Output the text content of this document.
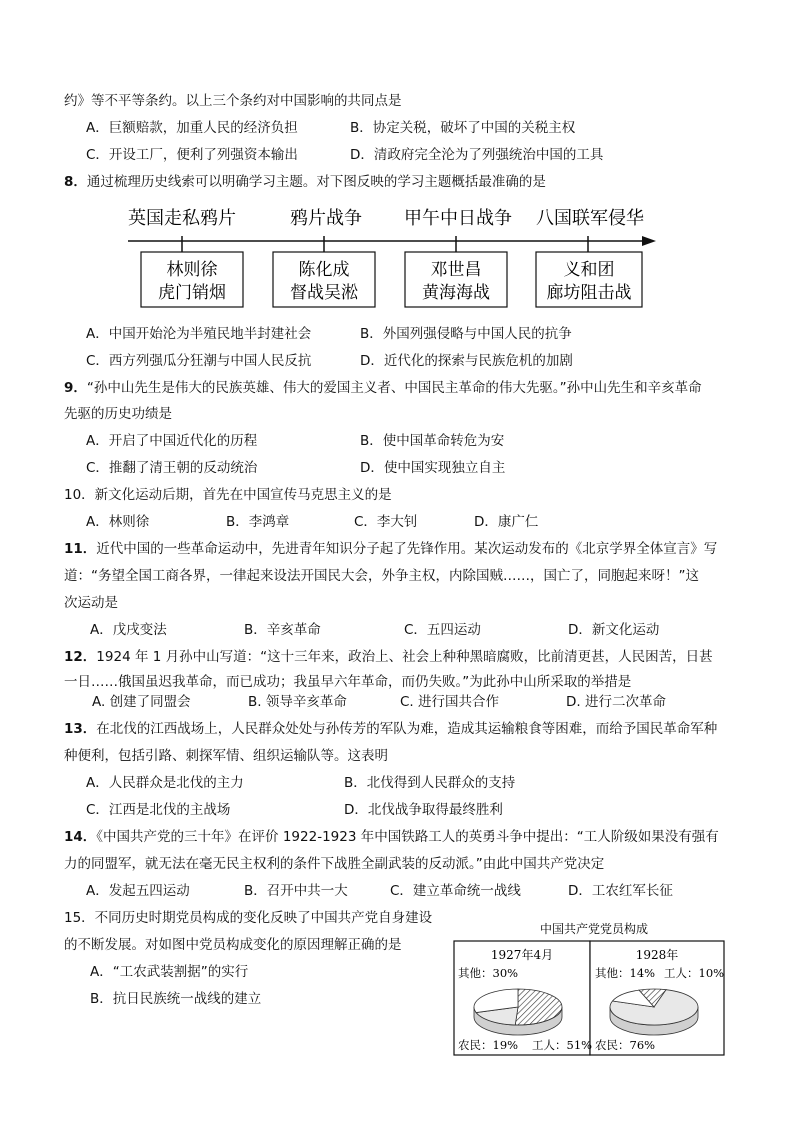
约》等不平等条约。以上三个条约对中国影响的共同点是
A．巨额赔款，加重人民的经济负担	B．协定关税，破坏了中国的关税主权
C．开设工厂，便利了列强资本输出	D．清政府完全沦为了列强统治中国的工具
8．通过梳理历史线索可以明确学习主题。对下图反映的学习主题概括最准确的是
英国走私鸦片	鸦片战争 甲午中日战争 八国联军侵华
林则徐
虎门销烟
陈化成
督战吴淞
邓世昌
黄海海战
义和团
廊坊阻击战
A．中国开始沦为半殖民地半封建社会	B．外国列强侵略与中国人民的抗争
C．西方列强瓜分狂潮与中国人民反抗	D．近代化的探索与民族危机的加剧
9．“孙中山先生是伟大的民族英雄、伟大的爱国主义者、中国民主革命的伟大先驱。”孙中山先生和辛亥革命
先驱的历史功绩是
A．开启了中国近代化的历程	B．使中国革命转危为安
C．推翻了清王朝的反动统治	D．使中国实现独立自主
10．新文化运动后期，首先在中国宣传马克思主义的是
A．林则徐	B．李鸿章	C．李大钊	D．康广仁
11．近代中国的一些革命运动中，先进青年知识分子起了先锋作用。某次运动发布的《北京学界全体宣言》写
道：“务望全国工商各界，一律起来设法开国民大会，外争主权，内除国贼……，国亡了，同胞起来呀！”这
次运动是
A．戊戌变法	B．辛亥革命	C．五四运动	D．新文化运动
12．1924 年 1 月孙中山写道：“这十三年来，政治上、社会上种种黑暗腐败，比前清更甚，人民困苦，日甚
一日……俄国虽迟我革命，而已成功；我虽早六年革命，而仍失败。”为此孙中山所采取的举措是
A. 创建了同盟会	B. 领导辛亥革命	C. 进行国共合作	D. 进行二次革命
13．在北伐的江西战场上，人民群众处处与孙传芳的军队为难，造成其运输粮食等困难，而给予国民革命军种
种便利，包括引路、刺探军情、组织运输队等。这表明
A．人民群众是北伐的主力	B．北伐得到人民群众的支持
C．江西是北伐的主战场	D．北伐战争取得最终胜利
14．《中国共产党的三十年》在评价 1922-1923 年中国铁路工人的英勇斗争中提出：“工人阶级如果没有强有
力的同盟军，就无法在毫无民主权利的条件下战胜全副武装的反动派。”由此中国共产党决定
A．发起五四运动	B．召开中共一大	C．建立革命统一战线	D．工农红军长征
15．不同历史时期党员构成的变化反映了中国共产党自身建设
的不断发展。对如图中党员构成变化的原因理解正确的是
A．“工农武装割据”的实行
B．抗日民族统一战线的建立
中国共产党党员构成
1927年4月
其他：30%
农民：19% 工人：51%
1928年
其他：14% 工人：10%
农民：76%
